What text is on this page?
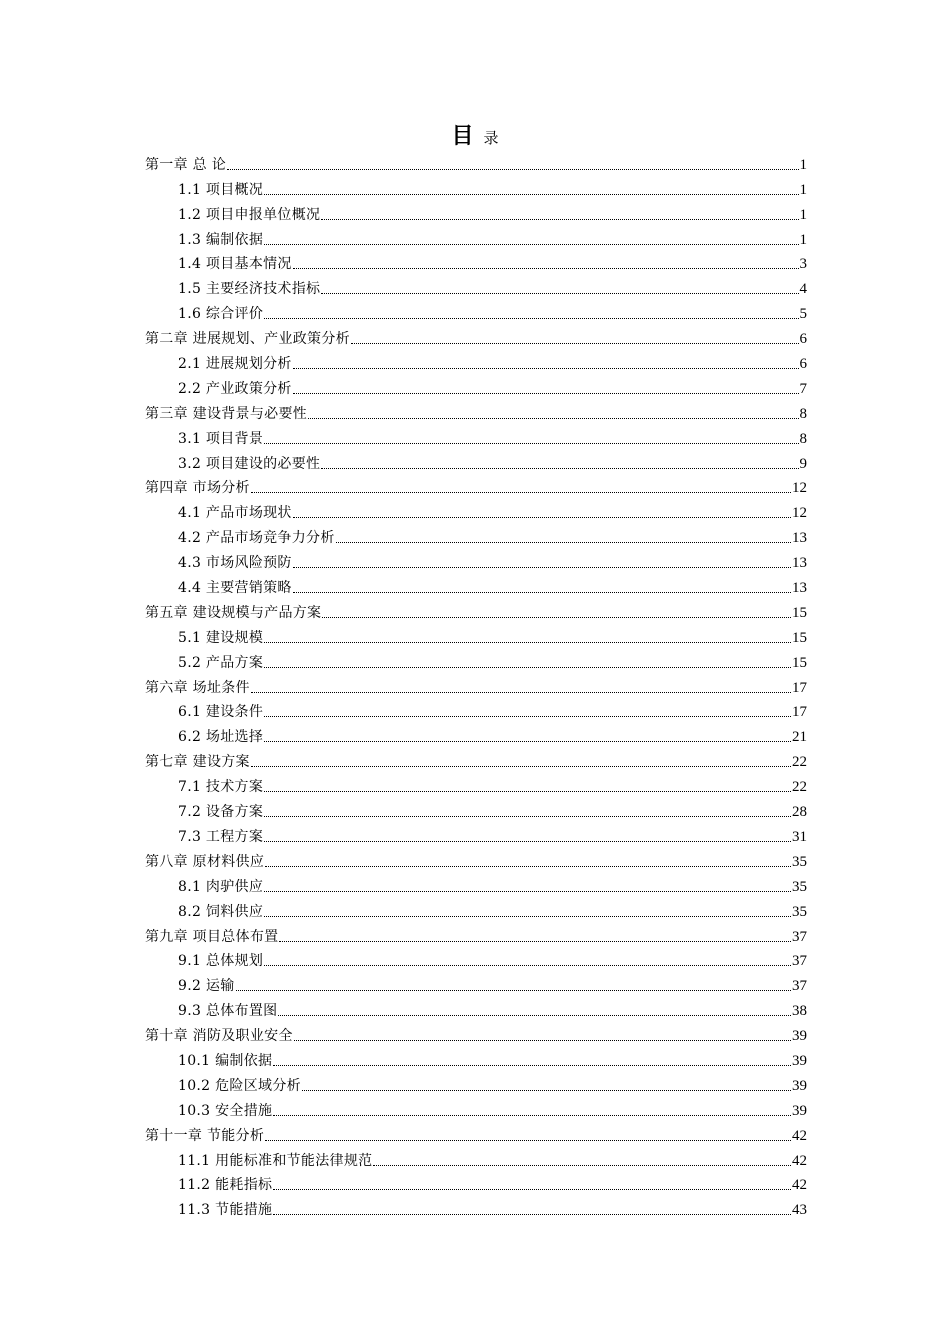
目 录
第一章 总 论	1
1.1 项目概况	1
1.2 项目申报单位概况	1
1.3 编制依据	1
1.4 项目基本情况	3
1.5 主要经济技术指标	4
1.6 综合评价	5
第二章 进展规划、产业政策分析	6
2.1 进展规划分析	6
2.2 产业政策分析	7
第三章 建设背景与必要性	8
3.1 项目背景	8
3.2 项目建设的必要性	9
第四章 市场分析	12
4.1 产品市场现状	12
4.2 产品市场竞争力分析	13
4.3 市场风险预防	13
4.4 主要营销策略	13
第五章 建设规模与产品方案	15
5.1 建设规模	15
5.2 产品方案	15
第六章 场址条件	17
6.1 建设条件	17
6.2 场址选择	21
第七章 建设方案	22
7.1 技术方案	22
7.2 设备方案	28
7.3 工程方案	31
第八章 原材料供应	35
8.1 肉驴供应	35
8.2 饲料供应	35
第九章 项目总体布置	37
9.1 总体规划	37
9.2 运输	37
9.3 总体布置图	38
第十章 消防及职业安全	39
10.1 编制依据	39
10.2 危险区域分析	39
10.3 安全措施	39
第十一章 节能分析	42
11.1 用能标准和节能法律规范	42
11.2 能耗指标	42
11.3 节能措施	43
